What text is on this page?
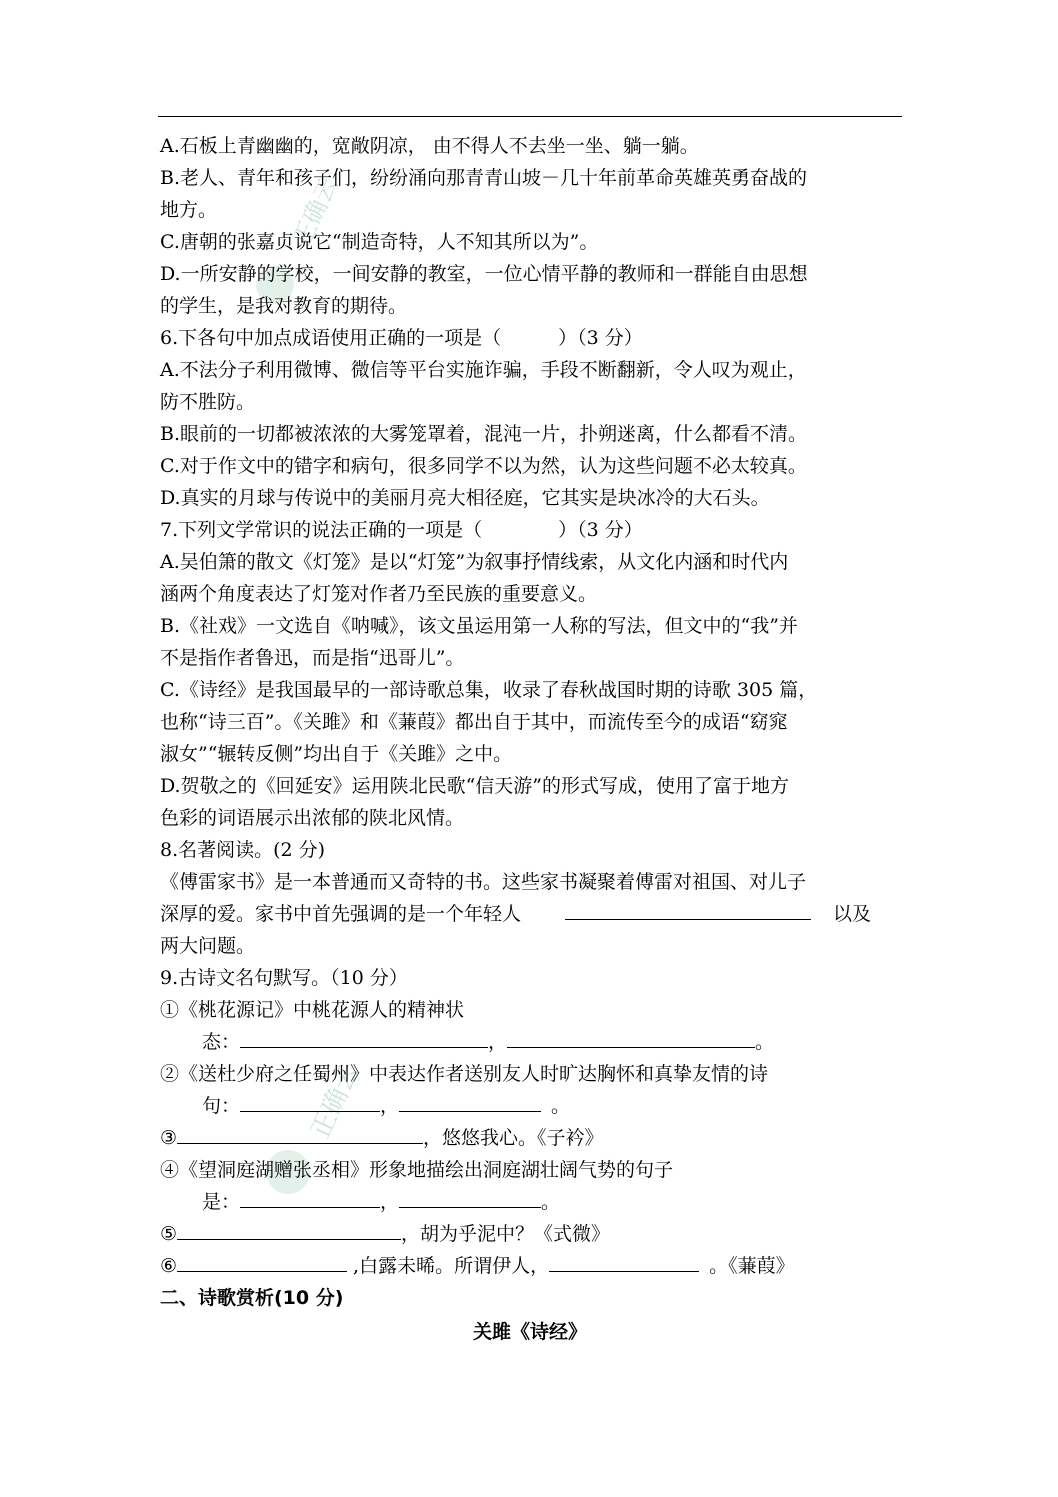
正确云
正确云
A.石板上青幽幽的，宽敞阴凉， 由不得人不去坐一坐、躺一躺。
B.老人、青年和孩子们，纷纷涌向那青青山坡－几十年前革命英雄英勇奋战的
地方。
C.唐朝的张嘉贞说它“制造奇特，人不知其所以为”。
D.一所安静的学校，一间安静的教室，一位心情平静的教师和一群能自由思想
的学生，是我对教育的期待。
6.下各句中加点成语使用正确的一项是（　　　）（3 分）
A.不法分子利用微博、微信等平台实施诈骗，手段不断翻新，令人叹为观止，
防不胜防。
B.眼前的一切都被浓浓的大雾笼罩着，混沌一片，扑朔迷离，什么都看不清。
C.对于作文中的错字和病句，很多同学不以为然，认为这些问题不必太较真。
D.真实的月球与传说中的美丽月亮大相径庭，它其实是块冰冷的大石头。
7.下列文学常识的说法正确的一项是（　　　　）（3 分）
A.吴伯箫的散文《灯笼》是以“灯笼”为叙事抒情线索，从文化内涵和时代内
涵两个角度表达了灯笼对作者乃至民族的重要意义。
B.《社戏》一文选自《呐喊》，该文虽运用第一人称的写法，但文中的“我”并
不是指作者鲁迅，而是指“迅哥儿”。
C.《诗经》是我国最早的一部诗歌总集，收录了春秋战国时期的诗歌 305 篇，
也称“诗三百”。《关雎》和《蒹葭》都出自于其中，而流传至今的成语“窈窕
淑女”“辗转反侧”均出自于《关雎》之中。
D.贺敬之的《回延安》运用陕北民歌“信天游”的形式写成，使用了富于地方
色彩的词语展示出浓郁的陕北风情。
8.名著阅读。(2 分)
《傅雷家书》是一本普通而又奇特的书。这些家书凝聚着傅雷对祖国、对儿子
深厚的爱。家书中首先强调的是一个年轻人	以及
两大问题。
9.古诗文名句默写。（10 分）
①《桃花源记》中桃花源人的精神状
态：	，	。
②《送杜少府之任蜀州》中表达作者送别友人时旷达胸怀和真挚友情的诗
句：	，	。
③	，悠悠我心。《子衿》
④《望洞庭湖赠张丞相》形象地描绘出洞庭湖壮阔气势的句子
是：	，	。
⑤	，胡为乎泥中？《式微》
⑥	,白露未晞。所谓伊人，	。《蒹葭》
二、诗歌赏析(10 分)
关雎《诗经》
